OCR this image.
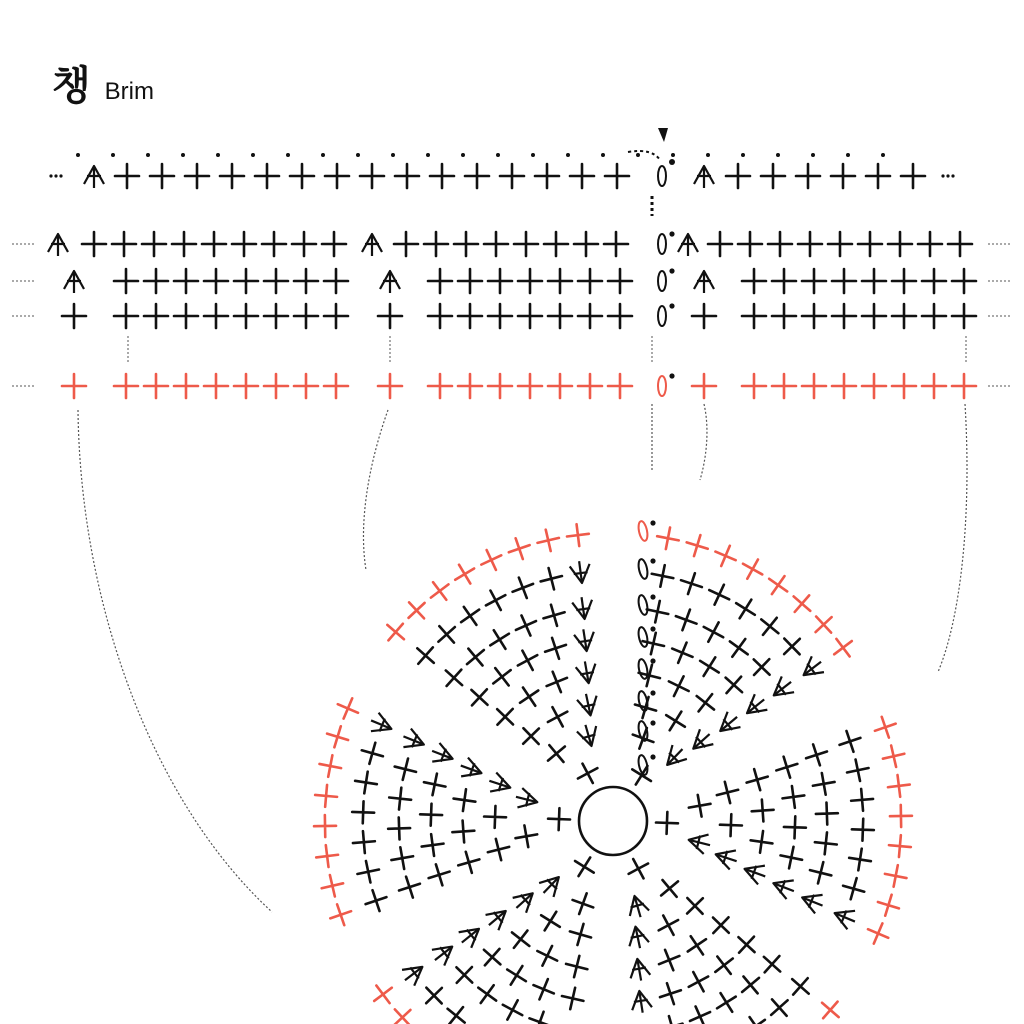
챙 Brim
